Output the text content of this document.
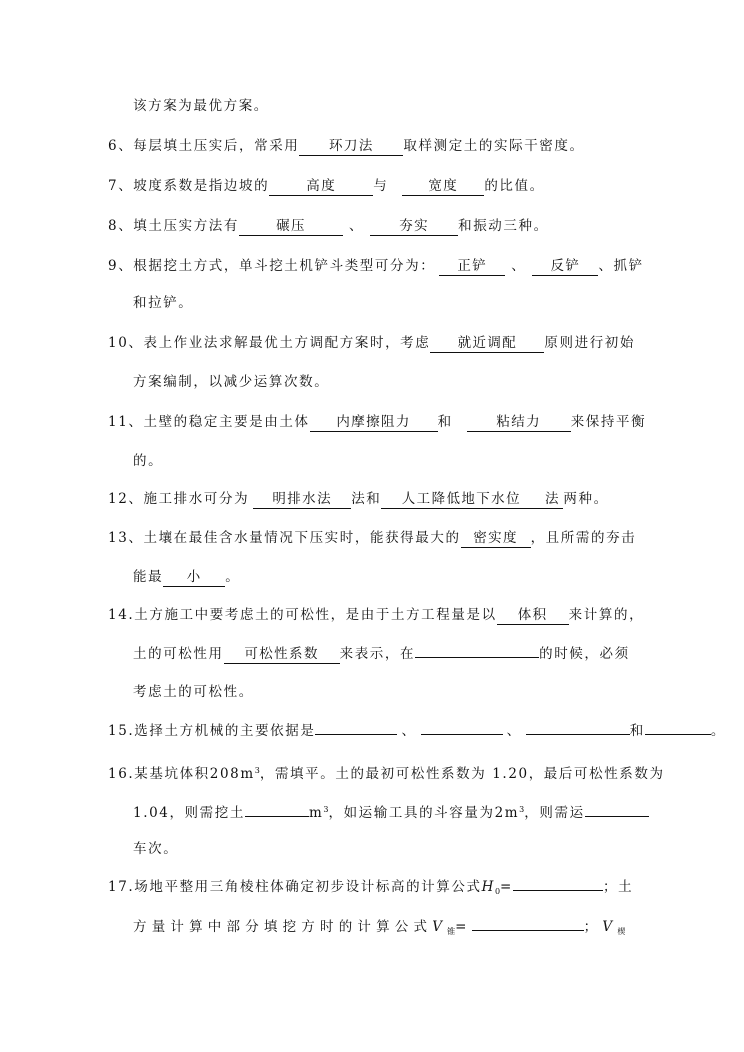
该方案为最优方案。
6、每层填土压实后，常采用 环刀法 取样测定土的实际干密度。
7、坡度系数是指边坡的	高度	与	宽度 的比值。
8、填土压实方法有	碾压	、	夯实 和振动三种。
9、根据挖土方式，单斗挖土机铲斗类型可分为： 正铲 、 反铲 、抓铲
和拉铲。
10、表上作业法求解最优土方调配方案时，考虑 就近调配 原则进行初始
方案编制，以减少运算次数。
11、土壁的稳定主要是由土体 内摩擦阻力 和	粘结力 来保持平衡
的。
12、施工排水可分为 明排水法 法和 人工降低地下水位 法 两种。
13、土壤在最佳含水量情况下压实时，能获得最大的 密实度 ，且所需的夯击
能最 小 。
14.土方施工中要考虑土的可松性，是由于土方工程量是以 体积 来计算的，
土的可松性用 可松性系数 来表示，在	的时候，必须
考虑土的可松性。
15.选择土方机械的主要依据是	、	、	和	。
16.某基坑体积$208m^3$，需填平。土的最初可松性系数为 1.20，最后可松性系数为
1.04，则需挖土	$m^3$，如运输工具的斗容量为$2m^3$，则需运
车次。
17.场地平整用三角棱柱体确定初步设计标高的计算公式$H_0=$	；土
方量计算中部分填挖方时的计算公式$V_锥=$	；$V_楔$
